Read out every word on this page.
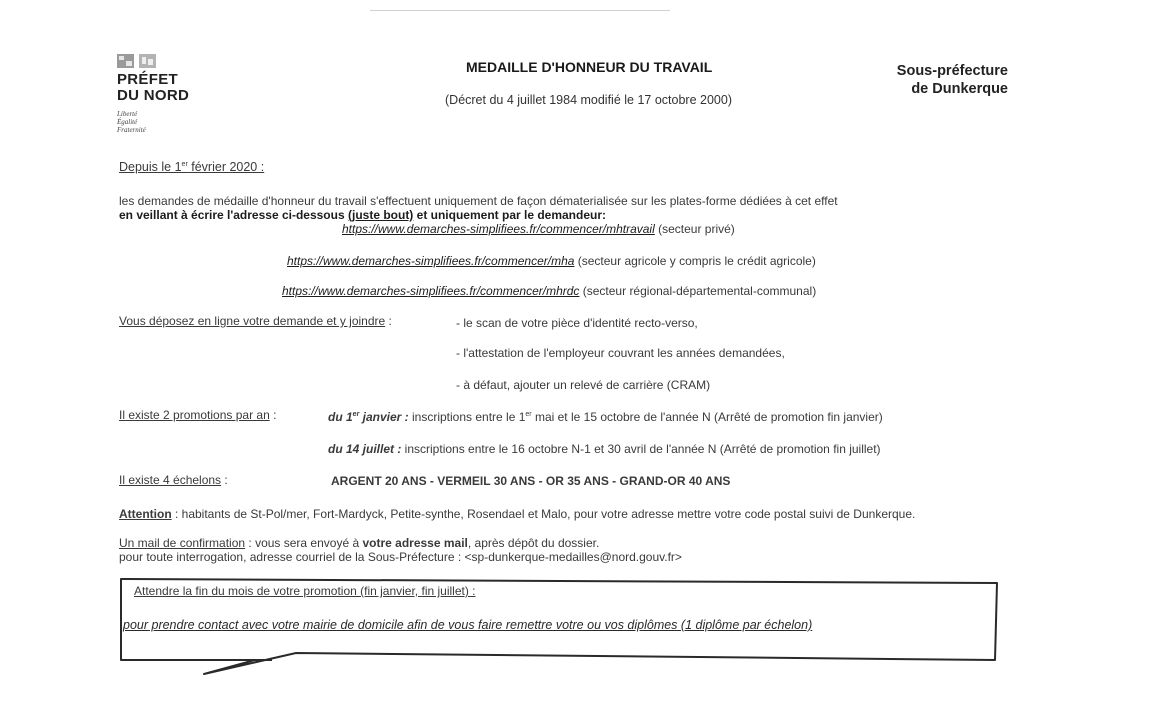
PRÉFET
DU NORD
Liberté
Égalité
Fraternité
MEDAILLE D'HONNEUR DU TRAVAIL
(Décret du 4 juillet 1984 modifié le 17 octobre 2000)
Sous-préfecture
de Dunkerque
Depuis le 1er février 2020 :
les demandes de médaille d'honneur du travail s'effectuent uniquement de façon dématerialisée sur les plates-forme dédiées à cet effet
en veillant à écrire l'adresse ci-dessous (juste bout) et uniquement par le demandeur:
https://www.demarches-simplifiees.fr/commencer/mhtravail (secteur privé)
https://www.demarches-simplifiees.fr/commencer/mha (secteur agricole y compris le crédit agricole)
https://www.demarches-simplifiees.fr/commencer/mhrdc (secteur régional-départemental-communal)
Vous déposez en ligne votre demande et y joindre :	- le scan de votre pièce d'identité recto-verso,
- l'attestation de l'employeur couvrant les années demandées,
- à défaut, ajouter un relevé de carrière (CRAM)
Il existe 2 promotions par an :	du 1er janvier : inscriptions entre le 1er mai et le 15 octobre de l'année N (Arrêté de promotion fin janvier)
du 14 juillet : inscriptions entre le 16 octobre N-1 et 30 avril de l'année N (Arrêté de promotion fin juillet)
Il existe 4 échelons :	ARGENT 20 ANS - VERMEIL 30 ANS - OR 35 ANS - GRAND-OR 40 ANS
Attention : habitants de St-Pol/mer, Fort-Mardyck, Petite-synthe, Rosendael et Malo, pour votre adresse mettre votre code postal suivi de Dunkerque.
Un mail de confirmation : vous sera envoyé à votre adresse mail, après dépôt du dossier.
pour toute interrogation, adresse courriel de la Sous-Préfecture : <sp-dunkerque-medailles@nord.gouv.fr>
Attendre la fin du mois de votre promotion (fin janvier, fin juillet) :
pour prendre contact avec votre mairie de domicile afin de vous faire remettre votre ou vos diplômes (1 diplôme par échelon)
